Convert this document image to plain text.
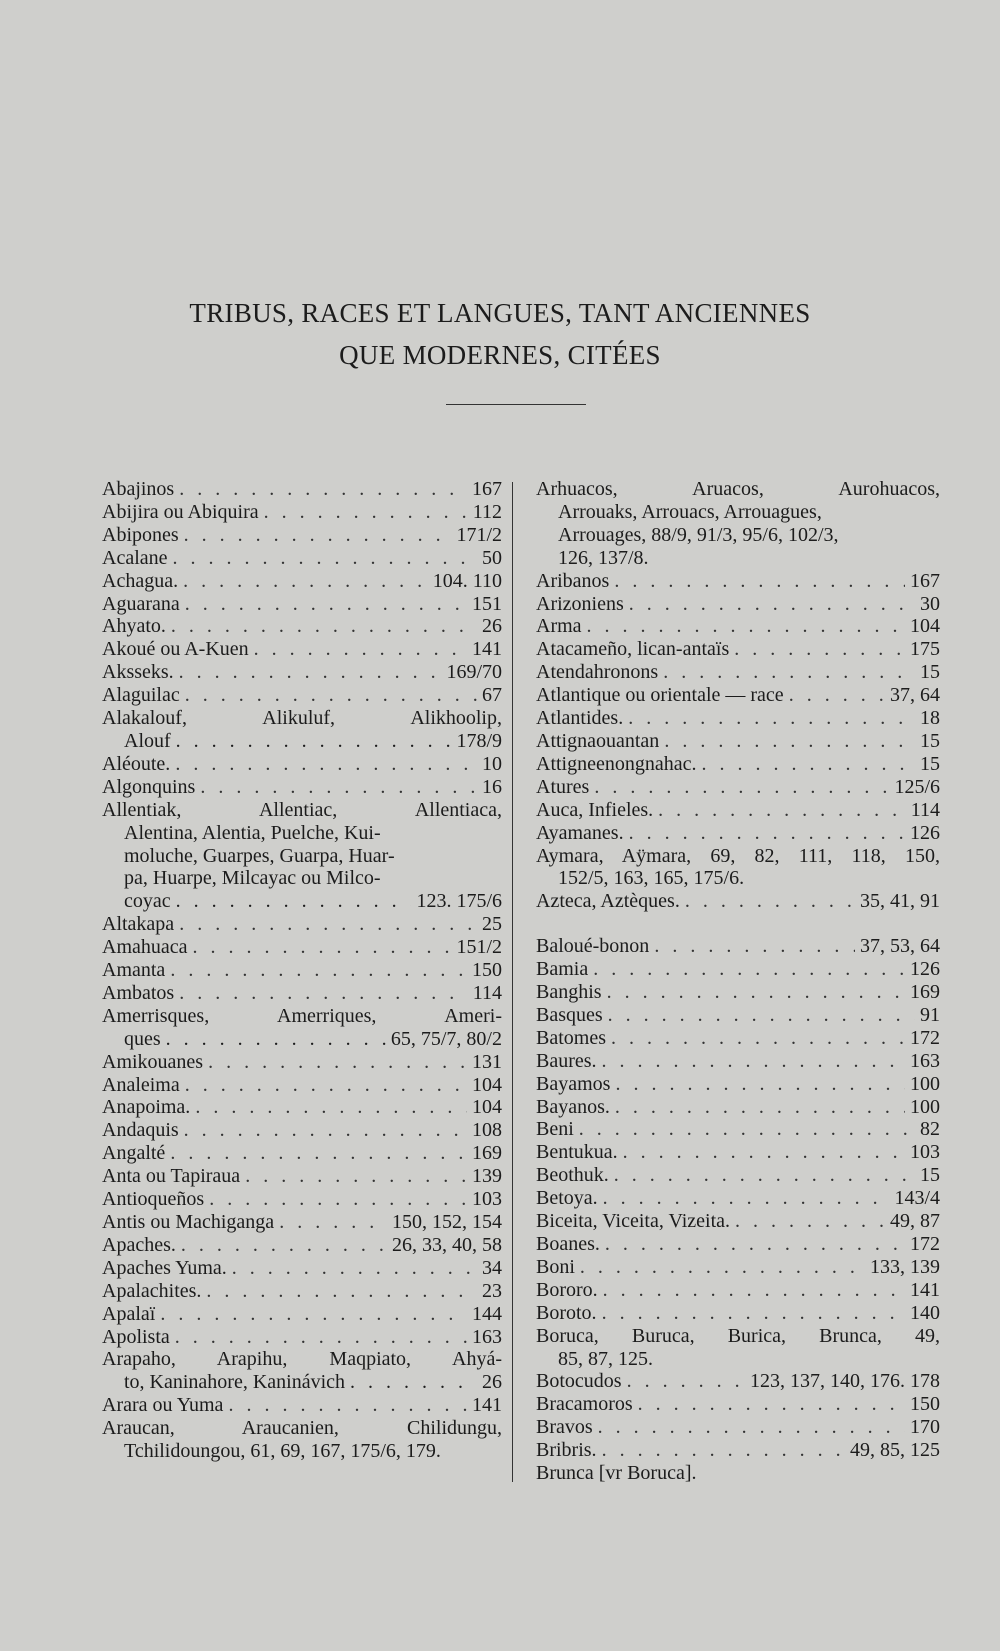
TRIBUS, RACES ET LANGUES, TANT ANCIENNES
QUE MODERNES, CITÉES
Abajinos . . .	167
Abijira ou Abiquira . . .	112
Abipones . . .	171/2
Acalane . . .	50
Achagua. . . .	104. 110
Aguarana . . .	151
Ahyato. . . .	26
Akoué ou A-Kuen . . .	141
Aksseks. . . .	169/70
Alaguilac . . .	67
Alakalouf, Alikuluf, Alikhoolip,
Alouf . . .	178/9
Aléoute. . . .	10
Algonquins . . .	16
Allentiak, Allentiac, Allentiaca,
Alentina, Alentia, Puelche, Kui-
moluche, Guarpes, Guarpa, Huar-
pa, Huarpe, Milcayac ou Milco-
coyac . . .	123. 175/6
Altakapa . . .	25
Amahuaca . . .	151/2
Amanta . . .	150
Ambatos . . .	114
Amerrisques, Amerriques, Ameri-
ques . . .	65, 75/7, 80/2
Amikouanes . . .	131
Analeima . . .	104
Anapoima. . . .	104
Andaquis . . .	108
Angalté . . .	169
Anta ou Tapiraua . . .	139
Antioqueños . . .	103
Antis ou Machiganga . . .	150, 152, 154
Apaches. . . .	26, 33, 40, 58
Apaches Yuma. . . .	34
Apalachites. . . .	23
Apalaï . . .	144
Apolista . . .	163
Arapaho, Arapihu, Maqpiato, Ahyá-
to, Kaninahore, Kaninávich . . .	26
Arara ou Yuma . . .	141
Araucan, Araucanien, Chilidungu,
Tchilidoungou, 61, 69, 167, 175/6, 179.
Arhuacos, Aruacos, Aurohuacos,
Arrouaks, Arrouacs, Arrouagues,
Arrouages, 88/9, 91/3, 95/6, 102/3,
126, 137/8.
Aribanos . . .	167
Arizoniens . . .	30
Arma . . .	104
Atacameño, lican-antaïs . . .	175
Atendahronons . . .	15
Atlantique ou orientale — race . . .	37, 64
Atlantides. . . .	18
Attignaouantan . . .	15
Attigneenongnahac. . . .	15
Atures . . .	125/6
Auca, Infieles. . . .	114
Ayamanes. . . .	126
Aymara, Aÿmara, 69, 82, 111, 118, 150,
152/5, 163, 165, 175/6.
Azteca, Aztèques. . . .	35, 41, 91
Baloué-bonon . . .	37, 53, 64
Bamia . . .	126
Banghis . . .	169
Basques . . .	91
Batomes . . .	172
Baures. . . .	163
Bayamos . . .	100
Bayanos. . . .	100
Beni . . .	82
Bentukua. . . .	103
Beothuk. . . .	15
Betoya. . . .	143/4
Biceita, Viceita, Vizeita. . . .	49, 87
Boanes. . . .	172
Boni . . .	133, 139
Bororo. . . .	141
Boroto. . . .	140
Boruca, Buruca, Burica, Brunca, 49,
85, 87, 125.
Botocudos . . .	123, 137, 140, 176. 178
Bracamoros . . .	150
Bravos . . .	170
Bribris. . . .	49, 85, 125
Brunca [vr Boruca].
